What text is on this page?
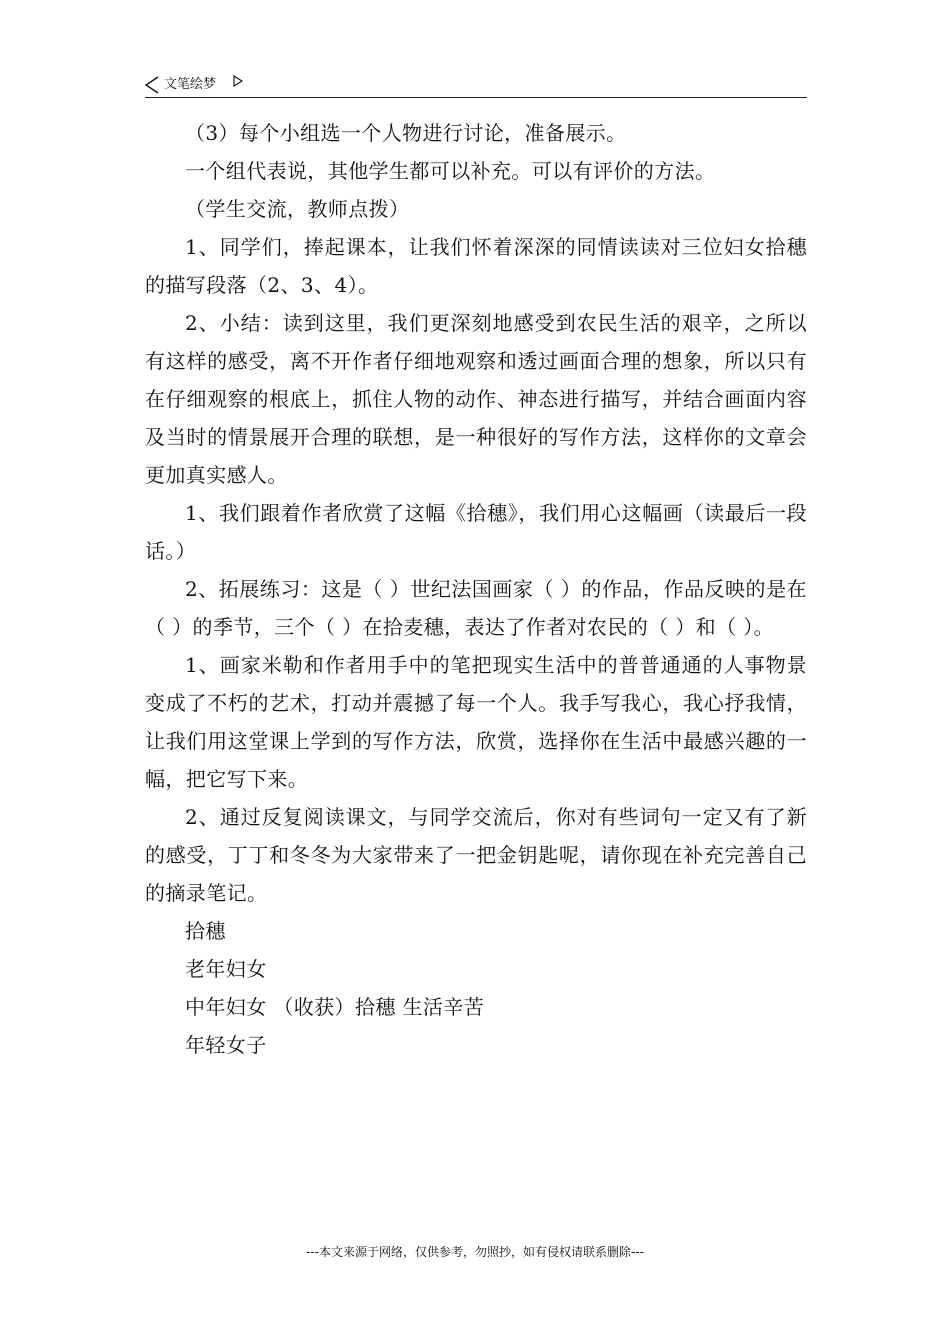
文笔绘梦

（3）每个小组选一个人物进行讨论，准备展示。

一个组代表说，其他学生都可以补充。可以有评价的方法。

（学生交流，教师点拨）

1、同学们，捧起课本，让我们怀着深深的同情读读对三位妇女拾穗的描写段落（2、3、4）。

2、小结：读到这里，我们更深刻地感受到农民生活的艰辛，之所以有这样的感受，离不开作者仔细地观察和透过画面合理的想象，所以只有在仔细观察的根底上，抓住人物的动作、神态进行描写，并结合画面内容及当时的情景展开合理的联想，是一种很好的写作方法，这样你的文章会更加真实感人。

1、我们跟着作者欣赏了这幅《拾穗》，我们用心这幅画（读最后一段话。）

2、拓展练习：这是（ ）世纪法国画家（ ）的作品，作品反映的是在（ ）的季节，三个（ ）在拾麦穗，表达了作者对农民的（ ）和（ ）。

1、画家米勒和作者用手中的笔把现实生活中的普普通通的人事物景变成了不朽的艺术，打动并震撼了每一个人。我手写我心，我心抒我情，让我们用这堂课上学到的写作方法，欣赏，选择你在生活中最感兴趣的一幅，把它写下来。

2、通过反复阅读课文，与同学交流后，你对有些词句一定又有了新的感受，丁丁和冬冬为大家带来了一把金钥匙呢，请你现在补充完善自己的摘录笔记。

拾穗

老年妇女

中年妇女 （收获）拾穗 生活辛苦

年轻女子

---本文来源于网络，仅供参考，勿照抄，如有侵权请联系删除---
